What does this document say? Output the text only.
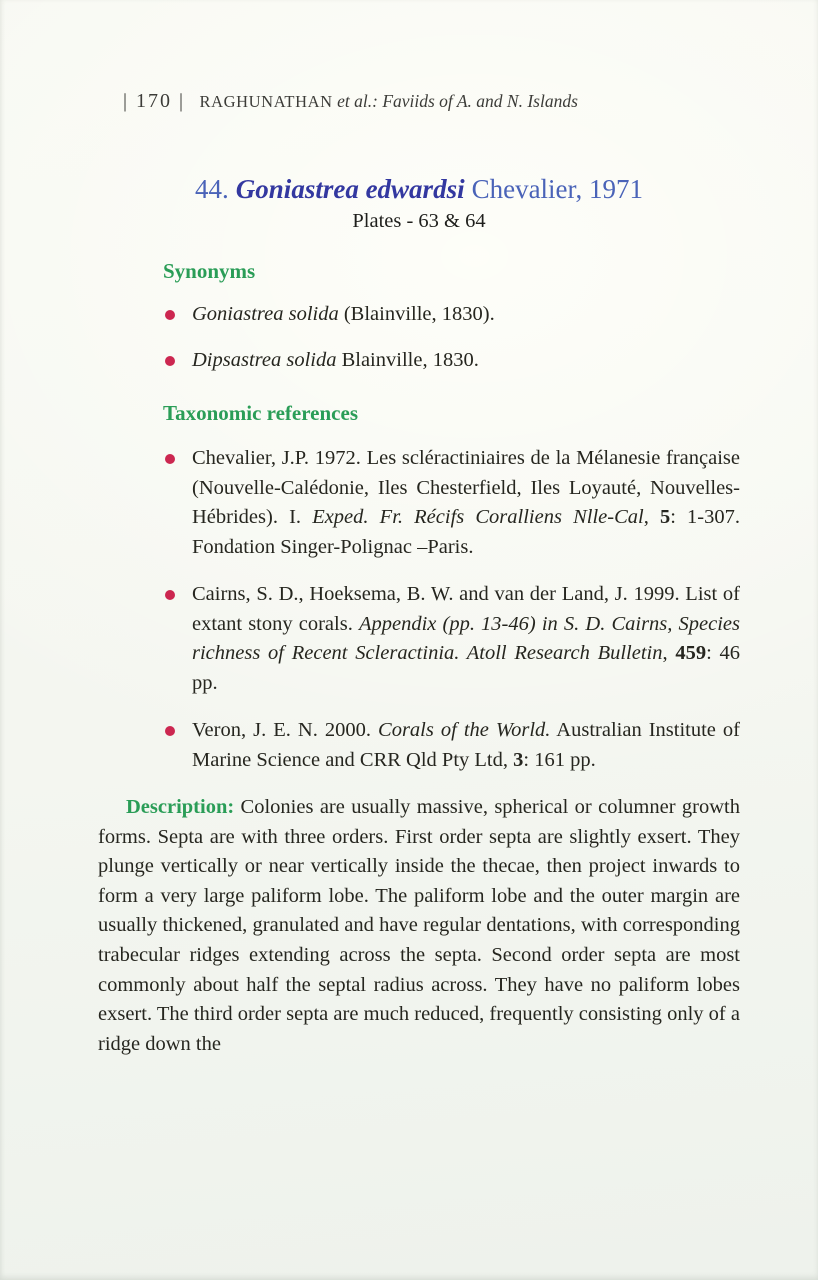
| 170 | RAGHUNATHAN et al.: Faviids of A. and N. Islands
44. Goniastrea edwardsi Chevalier, 1971
Plates - 63 & 64
Synonyms
Goniastrea solida (Blainville, 1830).
Dipsastrea solida Blainville, 1830.
Taxonomic references
Chevalier, J.P. 1972. Les scléractiniaires de la Mélanesie française (Nouvelle-Calédonie, Iles Chesterfield, Iles Loyauté, Nouvelles-Hébrides). I. Exped. Fr. Récifs Coralliens Nlle-Cal, 5: 1-307. Fondation Singer-Polignac –Paris.
Cairns, S. D., Hoeksema, B. W. and van der Land, J. 1999. List of extant stony corals. Appendix (pp. 13-46) in S. D. Cairns, Species richness of Recent Scleractinia. Atoll Research Bulletin, 459: 46 pp.
Veron, J. E. N. 2000. Corals of the World. Australian Institute of Marine Science and CRR Qld Pty Ltd, 3: 161 pp.

Description: Colonies are usually massive, spherical or columner growth forms. Septa are with three orders. First order septa are slightly exsert. They plunge vertically or near vertically inside the thecae, then project inwards to form a very large paliform lobe. The paliform lobe and the outer margin are usually thickened, granulated and have regular dentations, with corresponding trabecular ridges extending across the septa. Second order septa are most commonly about half the septal radius across. They have no paliform lobes exsert. The third order septa are much reduced, frequently consisting only of a ridge down the
